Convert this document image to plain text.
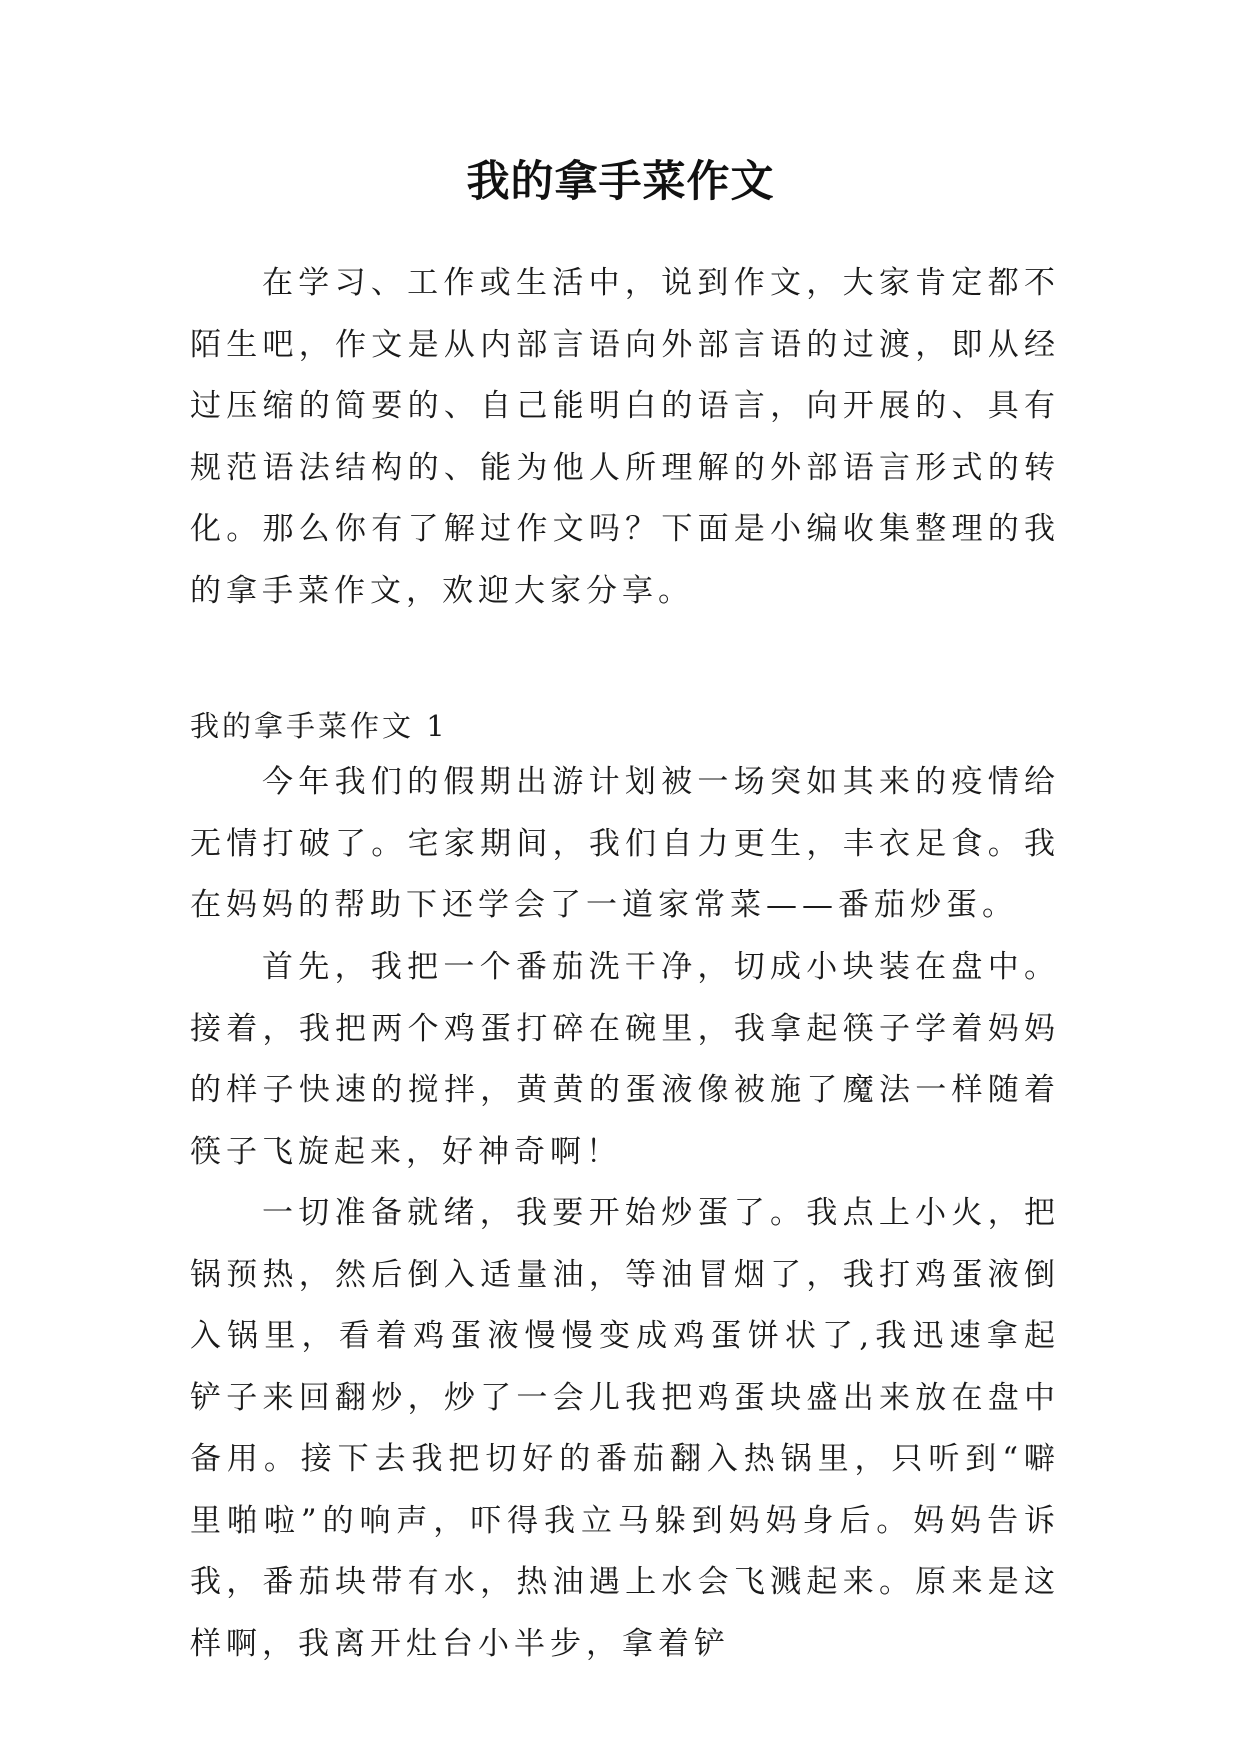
我的拿手菜作文

在学习、工作或生活中，说到作文，大家肯定都不陌生吧，作文是从内部言语向外部言语的过渡，即从经过压缩的简要的、自己能明白的语言，向开展的、具有规范语法结构的、能为他人所理解的外部语言形式的转化。那么你有了解过作文吗？下面是小编收集整理的我的拿手菜作文，欢迎大家分享。

我的拿手菜作文 1

今年我们的假期出游计划被一场突如其来的疫情给无情打破了。宅家期间，我们自力更生，丰衣足食。我在妈妈的帮助下还学会了一道家常菜——番茄炒蛋。

首先，我把一个番茄洗干净，切成小块装在盘中。接着，我把两个鸡蛋打碎在碗里，我拿起筷子学着妈妈的样子快速的搅拌，黄黄的蛋液像被施了魔法一样随着筷子飞旋起来，好神奇啊！

一切准备就绪，我要开始炒蛋了。我点上小火，把锅预热，然后倒入适量油，等油冒烟了，我打鸡蛋液倒入锅里，看着鸡蛋液慢慢变成鸡蛋饼状了,我迅速拿起铲子来回翻炒，炒了一会儿我把鸡蛋块盛出来放在盘中备用。接下去我把切好的番茄翻入热锅里，只听到“噼里啪啦”的响声，吓得我立马躲到妈妈身后。妈妈告诉我，番茄块带有水，热油遇上水会飞溅起来。原来是这样啊，我离开灶台小半步，拿着铲
